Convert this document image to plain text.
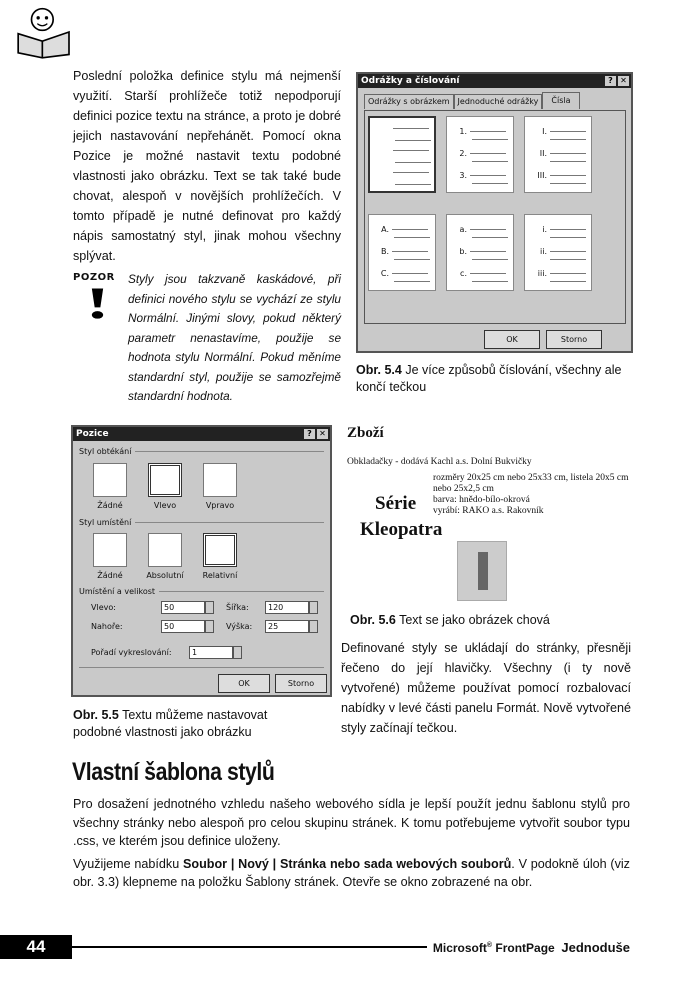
Poslední položka definice stylu má nejmenší využití. Starší prohlížeče totiž nepodporují definici pozice textu na stránce, a proto je dobré jejich nastavování nepřehánět. Pomocí okna Pozice je možné nastavit textu podobné vlastnosti jako obrázku. Text se tak také bude chovat, alespoň v novějších prohlížečích. V tomto případě je nutné definovat pro každý nápis samostatný styl, jinak mohou všechny splývat.

POZOR Styly jsou takzvaně kaskádové, při definici nového stylu se vychází ze stylu Normální. Jinými slovy, pokud některý parametr nenastavíme, použije se hodnota stylu Normální. Pokud měníme standardní styl, použije se samozřejmě standardní hodnota.

Odrážky a číslování	? ✕
Odrážky s obrázkem	Jednoduché odrážky	Čísla
1.
2.
3.
I.
II.
III.
A.
B.
C.
a.
b.
c.
i.
ii.
iii.
OK	Storno
Obr. 5.4 Je více způsobů číslování, všechny ale končí tečkou
Pozice	? ✕
Styl obtékání
Žádné	Vlevo	Vpravo
Styl umístění
Žádné	Absolutní	Relativní
Umístění a velikost
Vlevo:	50
Nahoře:	50
Šířka:	120
Výška:	25
Pořadí vykreslování:	1
OK	Storno
Obr. 5.5 Textu můžeme nastavovat podobné vlastnosti jako obrázku
Zboží
Obkladačky - dodává Kachl a.s. Dolní Bukvičky
rozměry 20x25 cm nebo 25x33 cm, listela 20x5 cm
nebo 25x2,5 cm
barva: hnědo-bílo-okrová
vyrábí: RAKO a.s. Rakovník
Série
Kleopatra
Obr. 5.6 Text se jako obrázek chová

Definované styly se ukládají do stránky, přesněji řečeno do její hlavičky. Všechny (i ty nově vytvořené) můžeme používat pomocí rozbalovací nabídky v levé části panelu Formát. Nově vytvořené styly začínají tečkou.

Vlastní šablona stylů

Pro dosažení jednotného vzhledu našeho webového sídla je lepší použít jednu šablonu stylů pro všechny stránky nebo alespoň pro celou skupinu stránek. K tomu potřebujeme vytvořit soubor typu .css, ve kterém jsou definice uloženy.

Využijeme nabídku Soubor | Nový | Stránka nebo sada webových souborů. V podokně úloh (viz obr. 3.3) klepneme na položku Šablony stránek. Otevře se okno zobrazené na obr.

44	Microsoft® FrontPage Jednoduše
